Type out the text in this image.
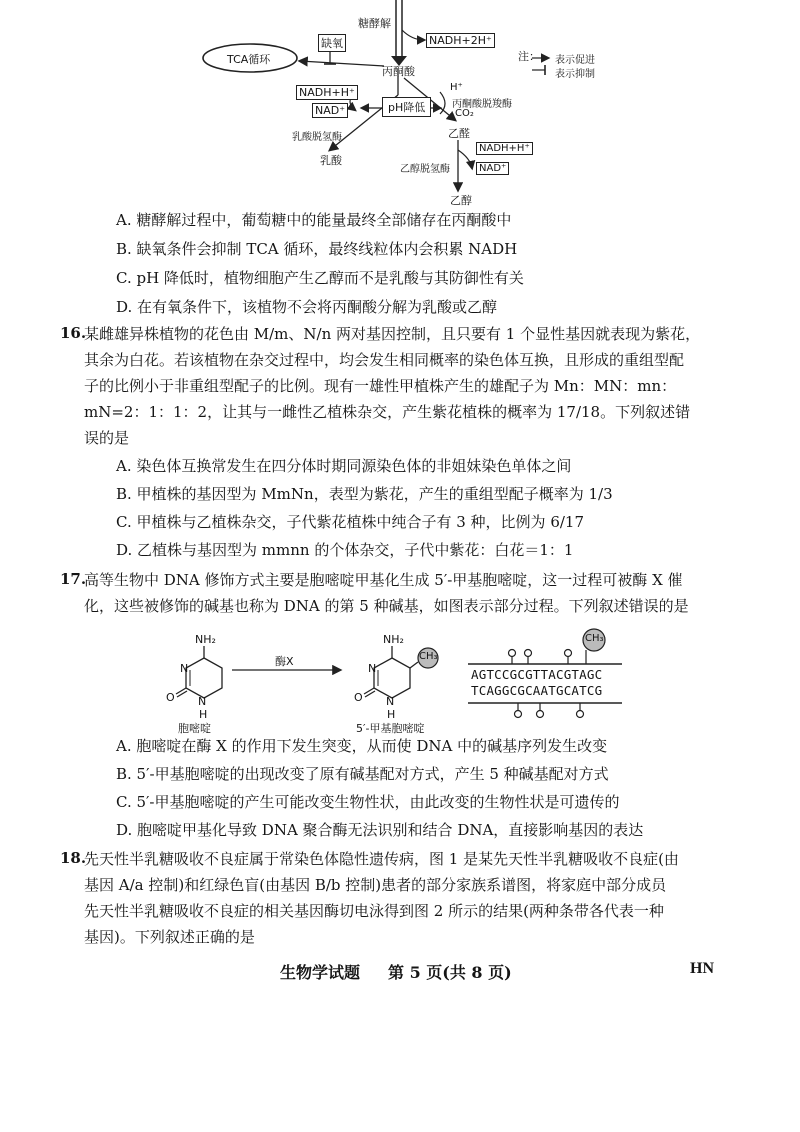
糖酵解
NADH+2H⁺
注： 表示促进
表示抑制
TCA循环
缺氧
丙酮酸
NADH+H⁺
NAD⁺	pH降低
H⁺
丙酮酸脱羧酶
CO₂
乳酸脱氢酶	乙醛
NADH+H⁺
NAD⁺
乳酸
乙醇脱氢酶
乙醇
A. 糖酵解过程中，葡萄糖中的能量最终全部储存在丙酮酸中
B. 缺氧条件会抑制 TCA 循环，最终线粒体内会积累 NADH
C. pH 降低时，植物细胞产生乙醇而不是乳酸与其防御性有关
D. 在有氧条件下，该植物不会将丙酮酸分解为乳酸或乙醇
16.
某雌雄异株植物的花色由 M/m、N/n 两对基因控制，且只要有 1 个显性基因就表现为紫花，
其余为白花。若该植物在杂交过程中，均会发生相同概率的染色体互换，且形成的重组型配
子的比例小于非重组型配子的比例。现有一雄性甲植株产生的雄配子为 Mn：MN：mn：
mN=2：1：1：2，让其与一雌性乙植株杂交，产生紫花植株的概率为 17/18。下列叙述错
误的是
A. 染色体互换常发生在四分体时期同源染色体的非姐妹染色单体之间
B. 甲植株的基因型为 MmNn，表型为紫花，产生的重组型配子概率为 1/3
C. 甲植株与乙植株杂交，子代紫花植株中纯合子有 3 种，比例为 6/17
D. 乙植株与基因型为 mmnn 的个体杂交，子代中紫花：白花＝1：1
17.
高等生物中 DNA 修饰方式主要是胞嘧啶甲基化生成 5′-甲基胞嘧啶，这一过程可被酶 X 催
化，这些被修饰的碱基也称为 DNA 的第 5 种碱基，如图表示部分过程。下列叙述错误的是
NH₂
N
O N
H
胞嘧啶
酶X
NH₂
N
O N
H
CH₃
5′-甲基胞嘧啶
CH₃
AGTCCGCGTTACGTAGC
TCAGGCGCAATGCATCG
A. 胞嘧啶在酶 X 的作用下发生突变，从而使 DNA 中的碱基序列发生改变
B. 5′-甲基胞嘧啶的出现改变了原有碱基配对方式，产生 5 种碱基配对方式
C. 5′-甲基胞嘧啶的产生可能改变生物性状，由此改变的生物性状是可遗传的
D. 胞嘧啶甲基化导致 DNA 聚合酶无法识别和结合 DNA，直接影响基因的表达
18.
先天性半乳糖吸收不良症属于常染色体隐性遗传病，图 1 是某先天性半乳糖吸收不良症(由
基因 A/a 控制)和红绿色盲(由基因 B/b 控制)患者的部分家族系谱图，将家庭中部分成员
先天性半乳糖吸收不良症的相关基因酶切电泳得到图 2 所示的结果(两种条带各代表一种
基因)。下列叙述正确的是
生物学试题 第 5 页(共 8 页)	HN
